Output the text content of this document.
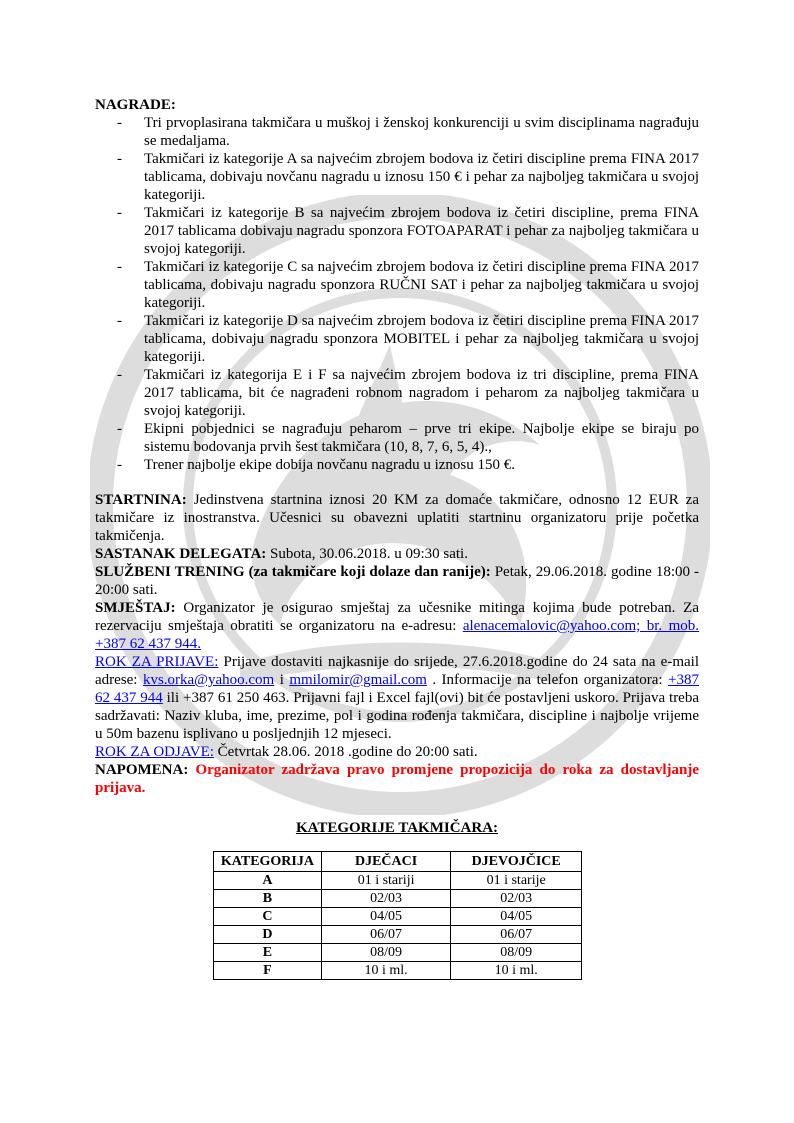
NAGRADE:

- Tri prvoplasirana takmičara u muškoj i ženskoj konkurenciji u svim disciplinama nagrađuju se medaljama.
- Takmičari iz kategorije A sa najvećim zbrojem bodova iz četiri discipline prema FINA 2017 tablicama, dobivaju novčanu nagradu u iznosu 150 € i pehar za najboljeg takmičara u svojoj kategoriji.
- Takmičari iz kategorije B sa najvećim zbrojem bodova iz četiri discipline, prema FINA 2017 tablicama dobivaju nagradu sponzora FOTOAPARAT i pehar za najboljeg takmičara u svojoj kategoriji.
- Takmičari iz kategorije C sa najvećim zbrojem bodova iz četiri discipline prema FINA 2017 tablicama, dobivaju nagradu sponzora RUČNI SAT i pehar za najboljeg takmičara u svojoj kategoriji.
- Takmičari iz kategorije D sa najvećim zbrojem bodova iz četiri discipline prema FINA 2017 tablicama, dobivaju nagradu sponzora MOBITEL i pehar za najboljeg takmičara u svojoj kategoriji.
- Takmičari iz kategorija E i F sa najvećim zbrojem bodova iz tri discipline, prema FINA 2017 tablicama, bit će nagrađeni robnom nagradom i peharom za najboljeg takmičara u svojoj kategoriji.
- Ekipni pobjednici se nagrađuju peharom – prve tri ekipe. Najbolje ekipe se biraju po sistemu bodovanja prvih šest takmičara (10, 8, 7, 6, 5, 4).,
- Trener najbolje ekipe dobija novčanu nagradu u iznosu 150 €.

STARTNINA: Jedinstvena startnina iznosi 20 KM za domaće takmičare, odnosno 12 EUR za takmičare iz inostranstva. Učesnici su obavezni uplatiti startninu organizatoru prije početka takmičenja.

SASTANAK DELEGATA: Subota, 30.06.2018. u 09:30 sati.

SLUŽBENI TRENING (za takmičare koji dolaze dan ranije): Petak, 29.06.2018. godine 18:00 - 20:00 sati.

SMJEŠTAJ: Organizator je osigurao smještaj za učesnike mitinga kojima bude potreban. Za rezervaciju smještaja obratiti se organizatoru na e-adresu: alenacemalovic@yahoo.com; br. mob. +387 62 437 944.

ROK ZA PRIJAVE: Prijave dostaviti najkasnije do srijede, 27.6.2018.godine do 24 sata na e-mail adrese: kvs.orka@yahoo.com i mmilomir@gmail.com . Informacije na telefon organizatora: +387 62 437 944 ili +387 61 250 463. Prijavni fajl i Excel fajl(ovi) bit će postavljeni uskoro. Prijava treba sadržavati: Naziv kluba, ime, prezime, pol i godina rođenja takmičara, discipline i najbolje vrijeme u 50m bazenu isplivano u posljednjih 12 mjeseci.

ROK ZA ODJAVE: Četvrtak 28.06. 2018 .godine do 20:00 sati.

NAPOMENA: Organizator zadržava pravo promjene propozicija do roka za dostavljanje prijava.

KATEGORIJE TAKMIČARA:
KATEGORIJA	DJEČACI	DJEVOJČICE
A	01 i stariji	01 i starije
B	02/03	02/03
C	04/05	04/05
D	06/07	06/07
E	08/09	08/09
F	10 i ml.	10 i ml.
